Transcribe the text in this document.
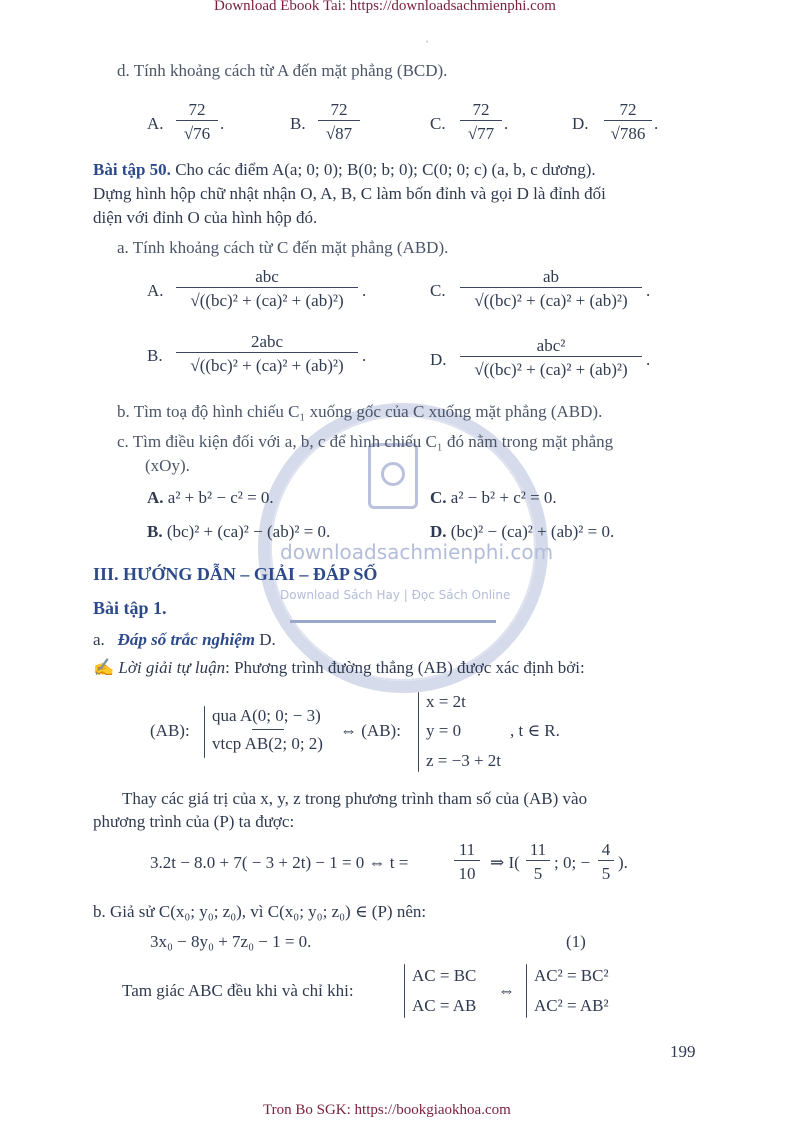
Download Ebook Tai: https://downloadsachmienphi.com
ˈ
downloadsachmienphi.com
Download Sách Hay | Đọc Sách Online
d. Tính khoảng cách từ A đến mặt phẳng (BCD).
A. $\frac{72}{√76}$ .	B. $\frac{72}{√87}$	C. $\frac{72}{√77}$ .	D. $\frac{72}{√786}$ .
Bài tập 50. Cho các điểm A(a; 0; 0); B(0; b; 0); C(0; 0; c) (a, b, c dương).
Dựng hình hộp chữ nhật nhận O, A, B, C làm bốn đỉnh và gọi D là đỉnh đối
diện với đỉnh O của hình hộp đó.
a. Tính khoảng cách từ C đến mặt phẳng (ABD).
A.
abc
√((bc)² + (ca)² + (ab)²)
.	C. $\frac{ab}{\text{√((bc)² + (ca)² + (ab)²)}}$ .
B.
2abc
√((bc)² + (ca)² + (ab)²)
.	D.
abc²
√((bc)² + (ca)² + (ab)²)
.
b. Tìm toạ độ hình chiếu C₁ xuống gốc của C xuống mặt phẳng (ABD).
c. Tìm điều kiện đối với a, b, c để hình chiếu C₁ đó nằm trong mặt phẳng
(xOy).
A. a² + b² − c² = 0.	C. a² − b² + c² = 0.
B. (bc)² + (ca)² − (ab)² = 0.	D. (bc)² − (ca)² + (ab)² = 0.
III. HƯỚNG DẪN – GIẢI – ĐÁP SỐ
Bài tập 1.
a. Đáp số trắc nghiệm D.
✍ Lời giải tự luận: Phương trình đường thẳng (AB) được xác định bởi:
(AB):
qua A(0; 0; − 3)
vtcp AB(2; 0; 2)
⇔ (AB):
x = 2t
y = 0
z = −3 + 2t
, t ∈ R.
Thay các giá trị của x, y, z trong phương trình tham số của (AB) vào
phương trình của (P) ta được:
3.2t − 8.0 + 7( − 3 + 2t) − 1 = 0 ⇔ t =	$\frac{11}{10}$ ⇒ $I( \frac{11}{5}$ ; 0; − $\frac{4}{5}$ ).
b. Giả sử C(x₀; y₀; z₀), vì C(x₀; y₀; z₀) ∈ (P) nên:
3x₀ − 8y₀ + 7z₀ − 1 = 0.	(1)
Tam giác ABC đều khi và chỉ khi:
AC = BC
AC = AB
⇔
AC² = BC²
AC² = AB²
199
Tron Bo SGK: https://bookgiaokhoa.com
